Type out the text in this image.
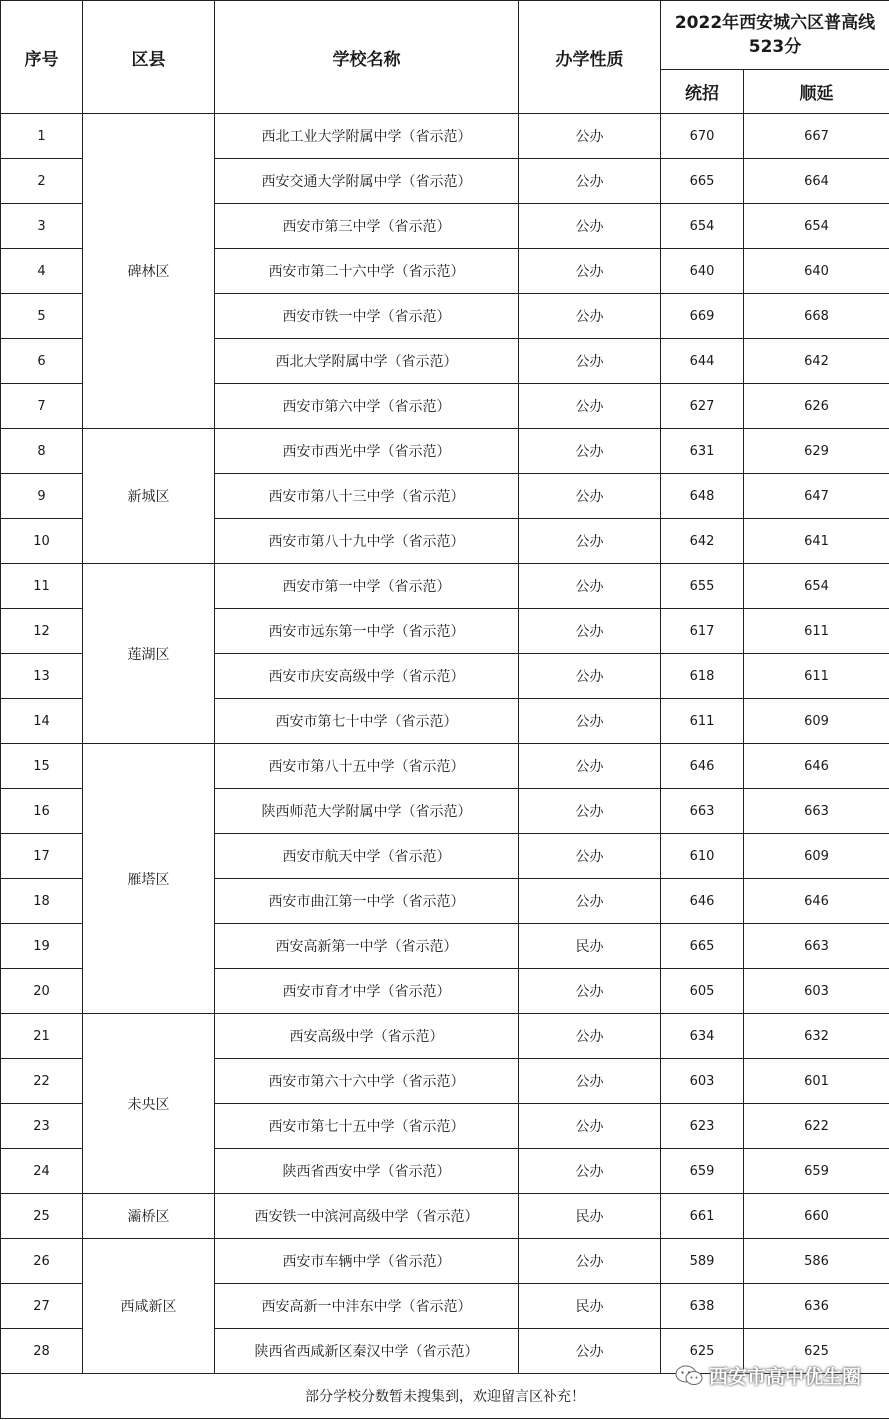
序号	区县	学校名称	办学性质	2022年西安城六区普高线523分	
				统招	顺延
1	碑林区	西北工业大学附属中学（省示范）	公办	670	667
2		西安交通大学附属中学（省示范）	公办	665	664
3		西安市第三中学（省示范）	公办	654	654
4		西安市第二十六中学（省示范）	公办	640	640
5		西安市铁一中学（省示范）	公办	669	668
6		西北大学附属中学（省示范）	公办	644	642
7		西安市第六中学（省示范）	公办	627	626
8	新城区	西安市西光中学（省示范）	公办	631	629
9		西安市第八十三中学（省示范）	公办	648	647
10		西安市第八十九中学（省示范）	公办	642	641
11	莲湖区	西安市第一中学（省示范）	公办	655	654
12		西安市远东第一中学（省示范）	公办	617	611
13		西安市庆安高级中学（省示范）	公办	618	611
14		西安市第七十中学（省示范）	公办	611	609
15	雁塔区	西安市第八十五中学（省示范）	公办	646	646
16		陕西师范大学附属中学（省示范）	公办	663	663
17		西安市航天中学（省示范）	公办	610	609
18		西安市曲江第一中学（省示范）	公办	646	646
19		西安高新第一中学（省示范）	民办	665	663
20		西安市育才中学（省示范）	公办	605	603
21	未央区	西安高级中学（省示范）	公办	634	632
22		西安市第六十六中学（省示范）	公办	603	601
23		西安市第七十五中学（省示范）	公办	623	622
24		陕西省西安中学（省示范）	公办	659	659
25	灞桥区	西安铁一中滨河高级中学（省示范）	民办	661	660
26	西咸新区	西安市车辆中学（省示范）	公办	589	586
27		西安高新一中沣东中学（省示范）	民办	638	636
28		陕西省西咸新区秦汉中学（省示范）	公办	625	625
部分学校分数暂未搜集到，欢迎留言区补充！					
西安市高中优生圈
